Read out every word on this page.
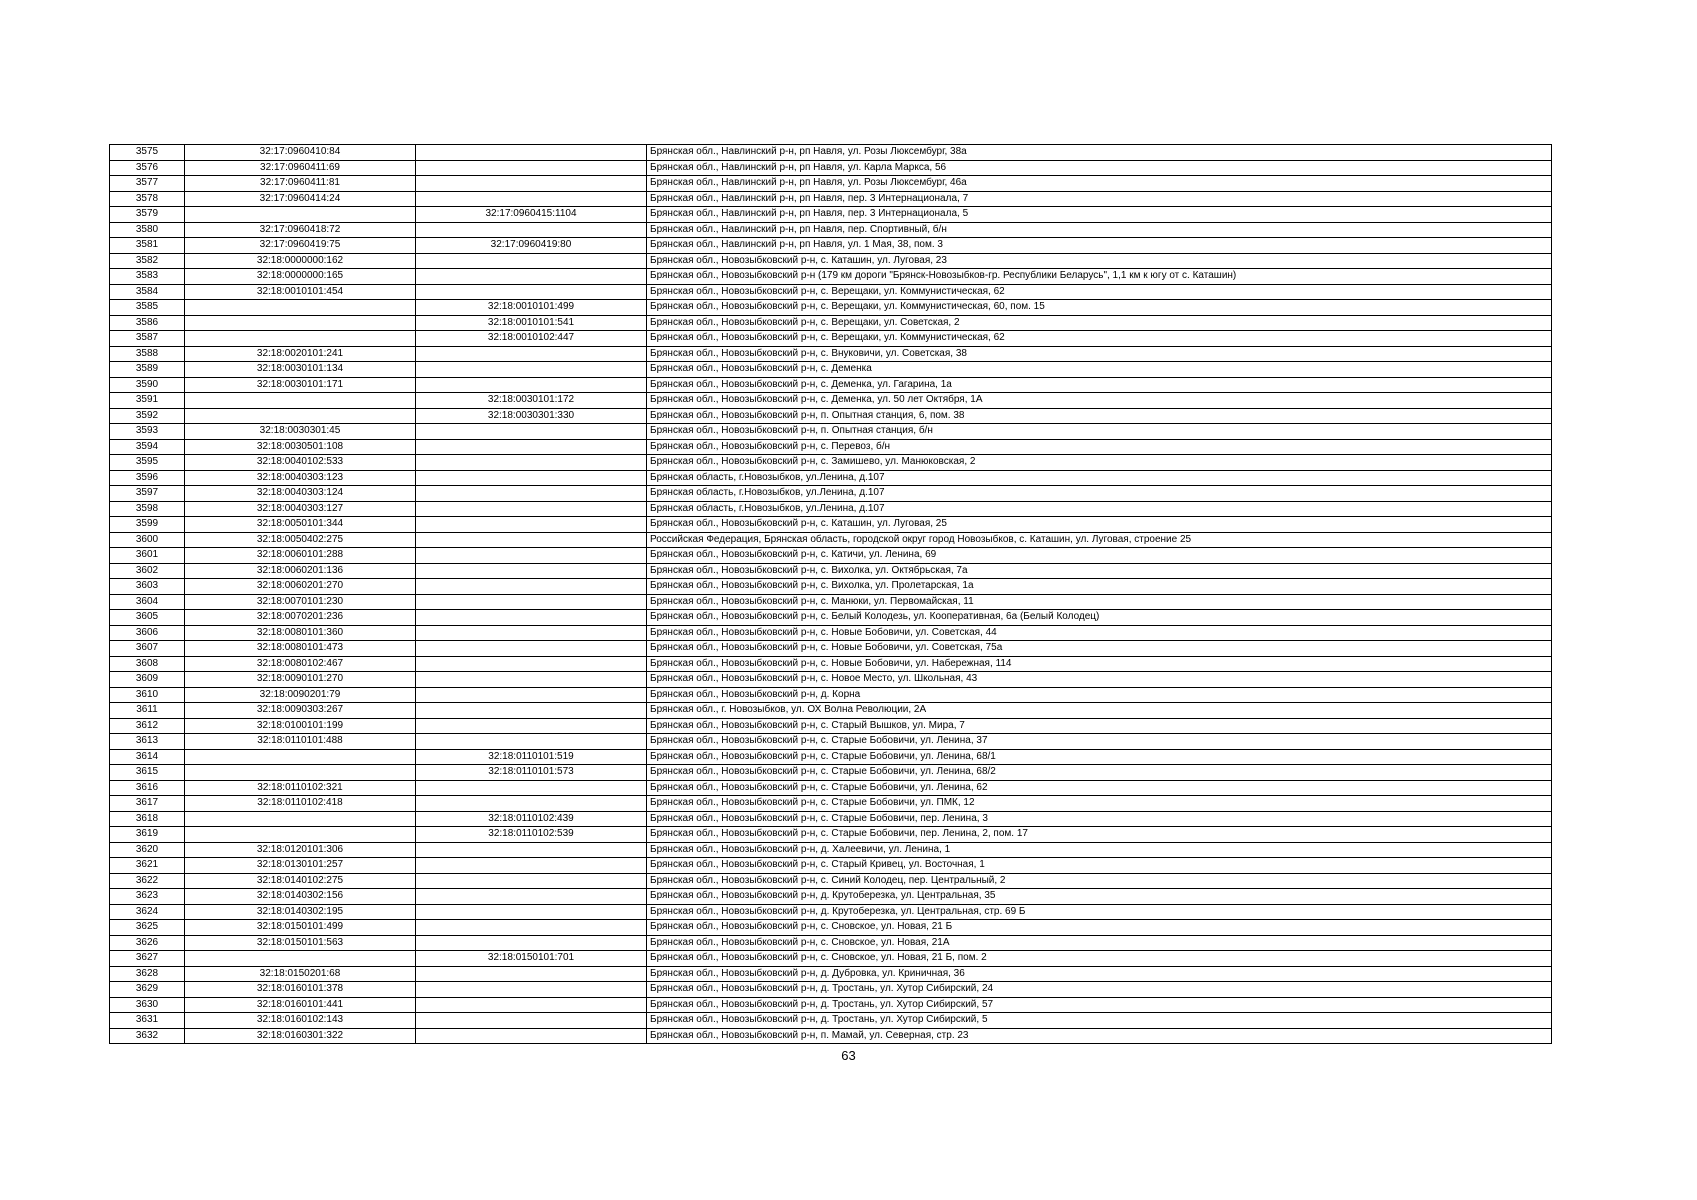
3575	32:17:0960410:84		Брянская обл., Навлинский р-н, рп Навля, ул. Розы Люксембург, 38а
3576	32:17:0960411:69		Брянская обл., Навлинский р-н, рп Навля, ул. Карла Маркса, 56
3577	32:17:0960411:81		Брянская обл., Навлинский р-н, рп Навля, ул. Розы Люксембург, 46а
3578	32:17:0960414:24		Брянская обл., Навлинский р-н, рп Навля, пер. 3 Интернационала, 7
3579		32:17:0960415:1104	Брянская обл., Навлинский р-н, рп Навля, пер. 3 Интернационала, 5
3580	32:17:0960418:72		Брянская обл., Навлинский р-н, рп Навля, пер. Спортивный, б/н
3581	32:17:0960419:75	32:17:0960419:80	Брянская обл., Навлинский р-н, рп Навля, ул. 1 Мая, 38, пом. 3
3582	32:18:0000000:162		Брянская обл., Новозыбковский р-н, с. Каташин, ул. Луговая, 23
3583	32:18:0000000:165		Брянская обл., Новозыбковский р-н (179 км дороги "Брянск-Новозыбков-гр. Республики Беларусь", 1,1 км к югу от с. Каташин)
3584	32:18:0010101:454		Брянская обл., Новозыбковский р-н, с. Верещаки, ул. Коммунистическая, 62
3585		32:18:0010101:499	Брянская обл., Новозыбковский р-н, с. Верещаки, ул. Коммунистическая, 60, пом. 15
3586		32:18:0010101:541	Брянская обл., Новозыбковский р-н, с. Верещаки, ул. Советская, 2
3587		32:18:0010102:447	Брянская обл., Новозыбковский р-н, с. Верещаки, ул. Коммунистическая, 62
3588	32:18:0020101:241		Брянская обл., Новозыбковский р-н, с. Внуковичи, ул. Советская, 38
3589	32:18:0030101:134		Брянская обл., Новозыбковский р-н, с. Деменка
3590	32:18:0030101:171		Брянская обл., Новозыбковский р-н, с. Деменка, ул. Гагарина, 1а
3591		32:18:0030101:172	Брянская обл., Новозыбковский р-н, с. Деменка, ул. 50 лет Октября, 1А
3592		32:18:0030301:330	Брянская обл., Новозыбковский р-н, п. Опытная станция, 6, пом. 38
3593	32:18:0030301:45		Брянская обл., Новозыбковский р-н, п. Опытная станция, б/н
3594	32:18:0030501:108		Брянская обл., Новозыбковский р-н, с. Перевоз, б/н
3595	32:18:0040102:533		Брянская обл., Новозыбковский р-н, с. Замишево, ул. Манюковская, 2
3596	32:18:0040303:123		Брянская область, г.Новозыбков, ул.Ленина, д.107
3597	32:18:0040303:124		Брянская область, г.Новозыбков, ул.Ленина, д.107
3598	32:18:0040303:127		Брянская область, г.Новозыбков, ул.Ленина, д.107
3599	32:18:0050101:344		Брянская обл., Новозыбковский р-н, с. Каташин, ул. Луговая, 25
3600	32:18:0050402:275		Российская Федерация, Брянская область, городской округ город Новозыбков, с. Каташин, ул. Луговая, строение 25
3601	32:18:0060101:288		Брянская обл., Новозыбковский р-н, с. Катичи, ул. Ленина, 69
3602	32:18:0060201:136		Брянская обл., Новозыбковский р-н, с. Вихолка, ул. Октябрьская, 7а
3603	32:18:0060201:270		Брянская обл., Новозыбковский р-н, с. Вихолка, ул. Пролетарская, 1а
3604	32:18:0070101:230		Брянская обл., Новозыбковский р-н, с. Манюки, ул. Первомайская, 11
3605	32:18:0070201:236		Брянская обл., Новозыбковский р-н, с. Белый Колодезь, ул. Кооперативная, 6а (Белый Колодец)
3606	32:18:0080101:360		Брянская обл., Новозыбковский р-н, с. Новые Бобовичи, ул. Советская, 44
3607	32:18:0080101:473		Брянская обл., Новозыбковский р-н, с. Новые Бобовичи, ул. Советская, 75а
3608	32:18:0080102:467		Брянская обл., Новозыбковский р-н, с. Новые Бобовичи, ул. Набережная, 114
3609	32:18:0090101:270		Брянская обл., Новозыбковский р-н, с. Новое Место, ул. Школьная, 43
3610	32:18:0090201:79		Брянская обл., Новозыбковский р-н, д. Корна
3611	32:18:0090303:267		Брянская обл., г. Новозыбков, ул. ОХ Волна Революции, 2А
3612	32:18:0100101:199		Брянская обл., Новозыбковский р-н, с. Старый Вышков, ул. Мира, 7
3613	32:18:0110101:488		Брянская обл., Новозыбковский р-н, с. Старые Бобовичи, ул. Ленина, 37
3614		32:18:0110101:519	Брянская обл., Новозыбковский р-н, с. Старые Бобовичи, ул. Ленина, 68/1
3615		32:18:0110101:573	Брянская обл., Новозыбковский р-н, с. Старые Бобовичи, ул. Ленина, 68/2
3616	32:18:0110102:321		Брянская обл., Новозыбковский р-н, с. Старые Бобовичи, ул. Ленина, 62
3617	32:18:0110102:418		Брянская обл., Новозыбковский р-н, с. Старые Бобовичи, ул. ПМК, 12
3618		32:18:0110102:439	Брянская обл., Новозыбковский р-н, с. Старые Бобовичи, пер. Ленина, 3
3619		32:18:0110102:539	Брянская обл., Новозыбковский р-н, с. Старые Бобовичи, пер. Ленина, 2, пом. 17
3620	32:18:0120101:306		Брянская обл., Новозыбковский р-н, д. Халеевичи, ул. Ленина, 1
3621	32:18:0130101:257		Брянская обл., Новозыбковский р-н, с. Старый Кривец, ул. Восточная, 1
3622	32:18:0140102:275		Брянская обл., Новозыбковский р-н, с. Синий Колодец, пер. Центральный, 2
3623	32:18:0140302:156		Брянская обл., Новозыбковский р-н, д. Крутоберезка, ул. Центральная, 35
3624	32:18:0140302:195		Брянская обл., Новозыбковский р-н, д. Крутоберезка, ул. Центральная, стр. 69 Б
3625	32:18:0150101:499		Брянская обл., Новозыбковский р-н, с. Сновское, ул. Новая, 21 Б
3626	32:18:0150101:563		Брянская обл., Новозыбковский р-н, с. Сновское, ул. Новая, 21А
3627		32:18:0150101:701	Брянская обл., Новозыбковский р-н, с. Сновское, ул. Новая, 21 Б, пом. 2
3628	32:18:0150201:68		Брянская обл., Новозыбковский р-н, д. Дубровка, ул. Криничная, 36
3629	32:18:0160101:378		Брянская обл., Новозыбковский р-н, д. Тростань, ул. Хутор Сибирский, 24
3630	32:18:0160101:441		Брянская обл., Новозыбковский р-н, д. Тростань, ул. Хутор Сибирский, 57
3631	32:18:0160102:143		Брянская обл., Новозыбковский р-н, д. Тростань, ул. Хутор Сибирский, 5
3632	32:18:0160301:322		Брянская обл., Новозыбковский р-н, п. Мамай, ул. Северная, стр. 23
63
